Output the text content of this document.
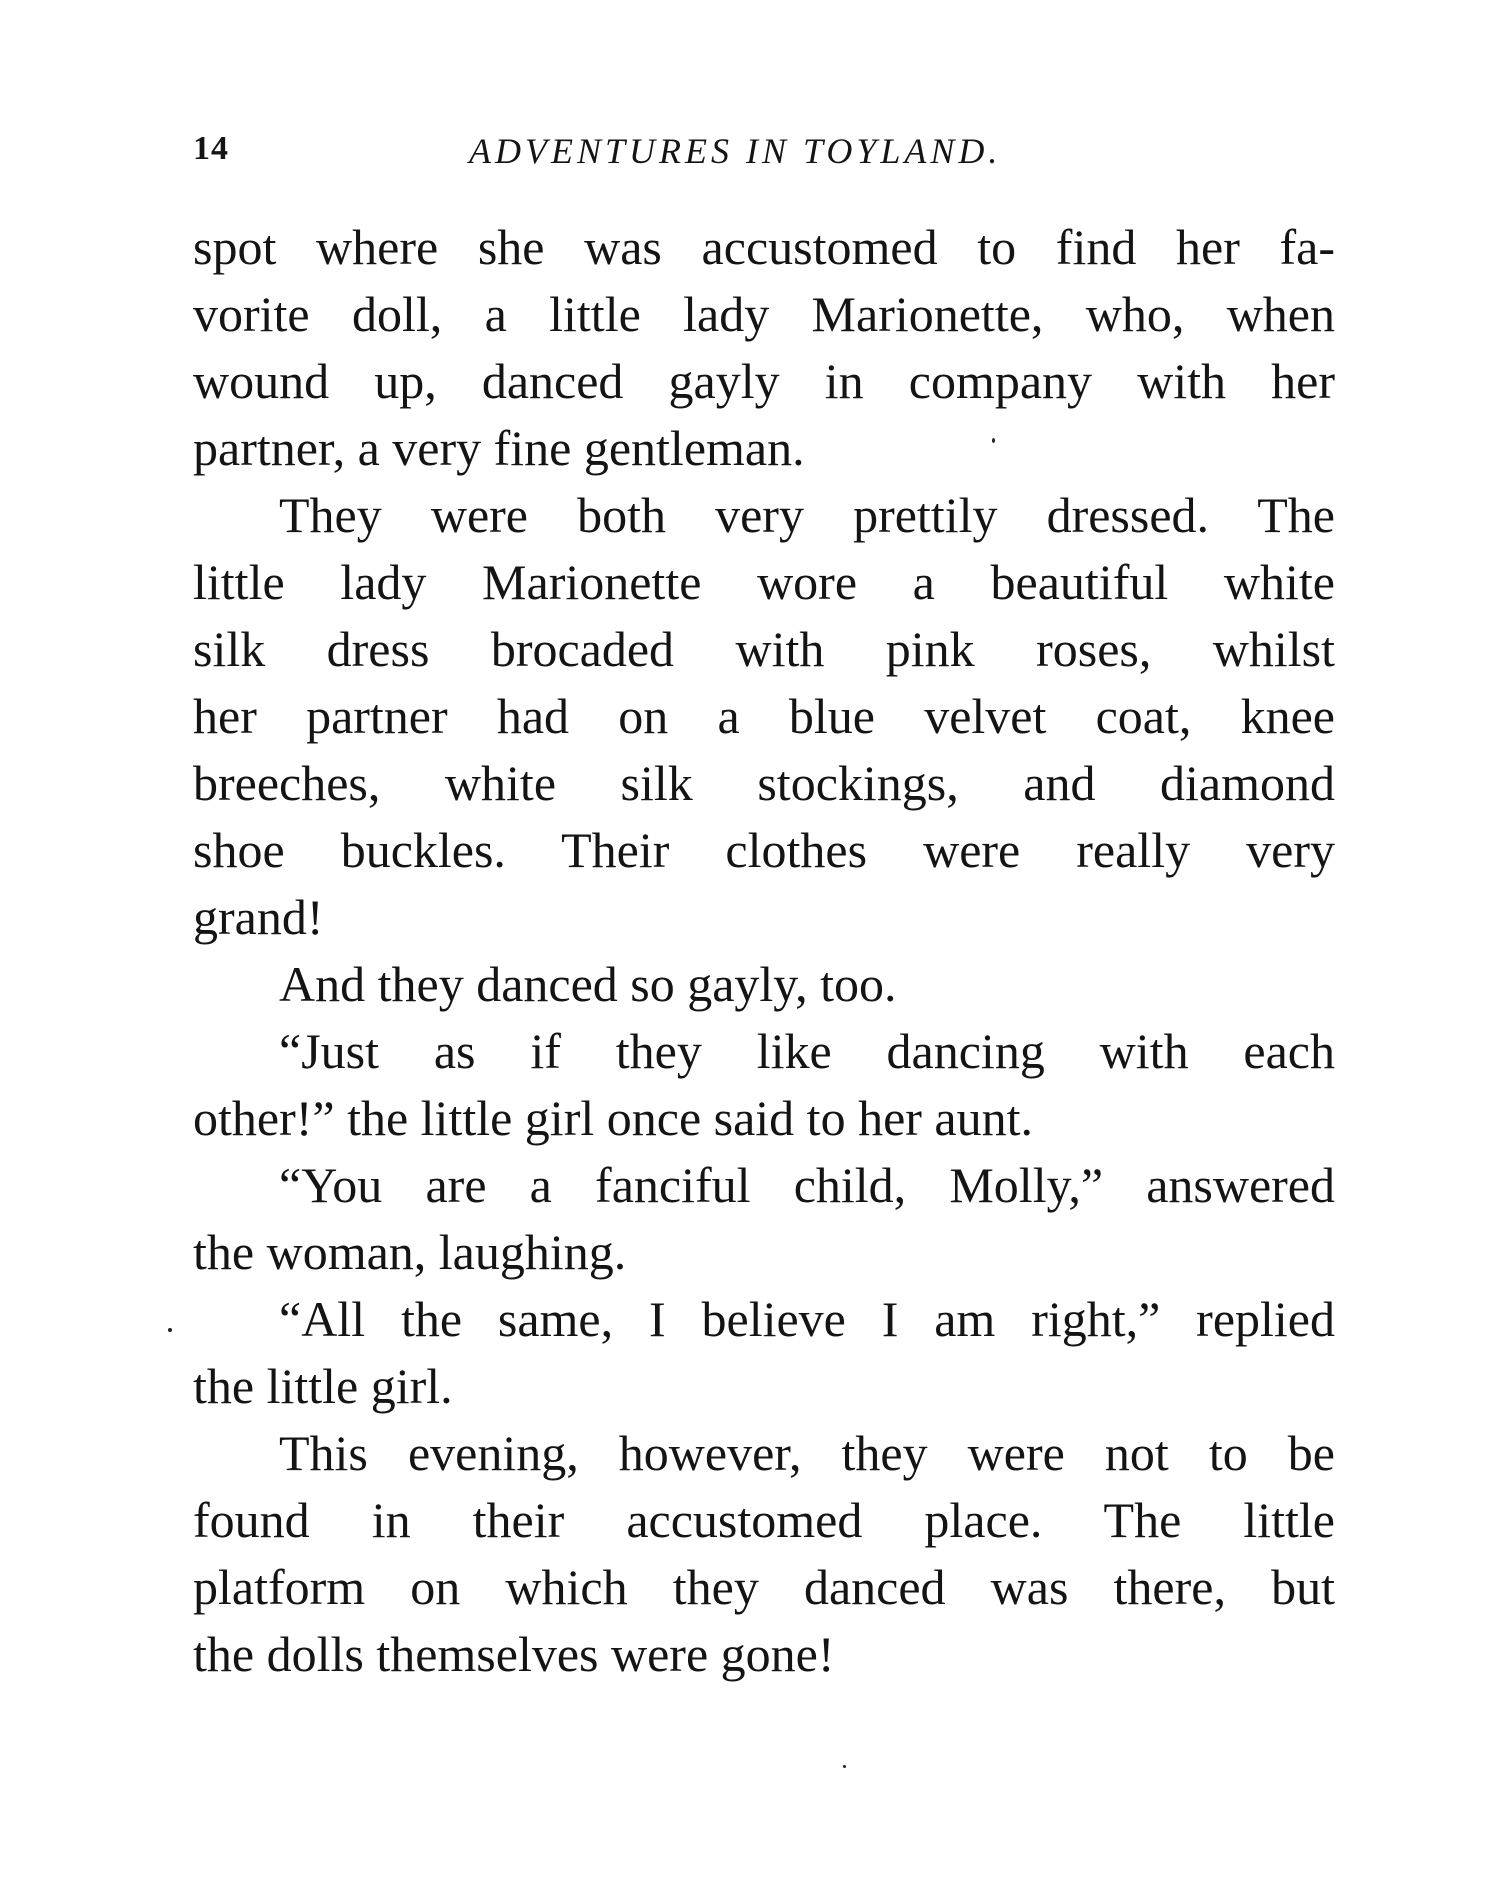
14	ADVENTURES IN TOYLAND.
spot where she was accustomed to find her fa-
vorite doll, a little lady Marionette, who, when
wound up, danced gayly in company with her
partner, a very fine gentleman.
They were both very prettily dressed. The
little lady Marionette wore a beautiful white
silk dress brocaded with pink roses, whilst
her partner had on a blue velvet coat, knee
breeches, white silk stockings, and diamond
shoe buckles. Their clothes were really very
grand!
And they danced so gayly, too.
“Just as if they like dancing with each
other!” the little girl once said to her aunt.
“You are a fanciful child, Molly,” answered
the woman, laughing.
“All the same, I believe I am right,” replied
the little girl.
This evening, however, they were not to be
found in their accustomed place. The little
platform on which they danced was there, but
the dolls themselves were gone!
